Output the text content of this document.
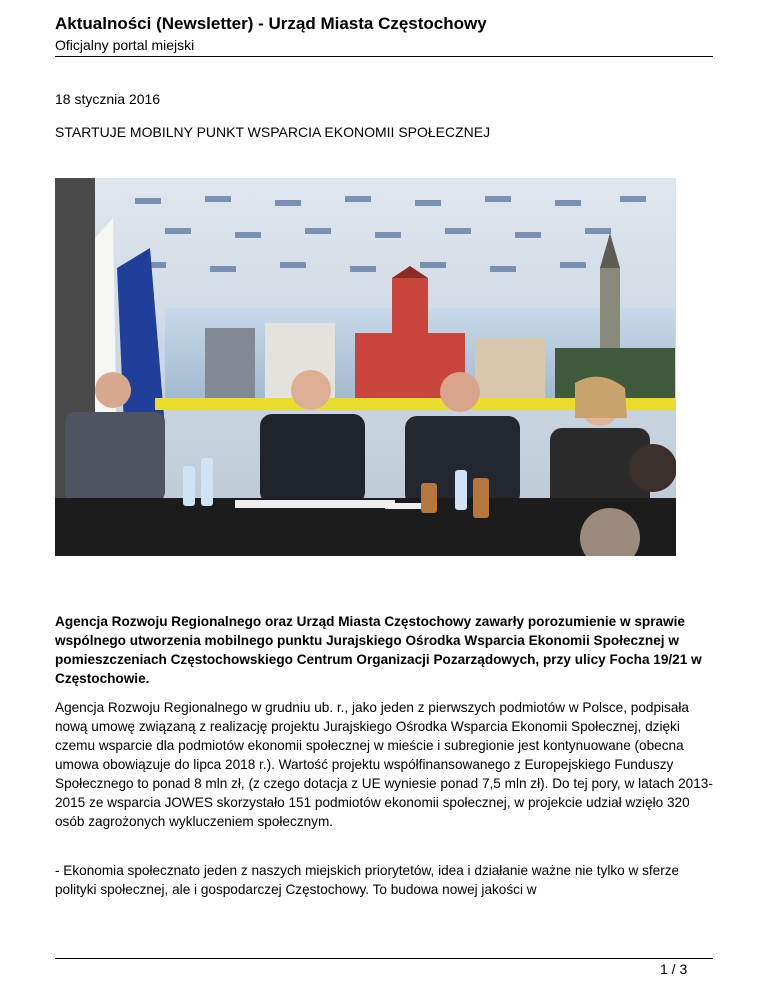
Aktualności (Newsletter) - Urząd Miasta Częstochowy

Oficjalny portal miejski

18 stycznia 2016
STARTUJE MOBILNY PUNKT WSPARCIA EKONOMII SPOŁECZNEJ

Agencja Rozwoju Regionalnego oraz Urząd Miasta Częstochowy zawarły porozumienie w sprawie wspólnego utworzenia mobilnego punktu Jurajskiego Ośrodka Wsparcia Ekonomii Społecznej w pomieszczeniach Częstochowskiego Centrum Organizacji Pozarządowych, przy ulicy Focha 19/21 w Częstochowie.

Agencja Rozwoju Regionalnego w grudniu ub. r., jako jeden z pierwszych podmiotów w Polsce, podpisała nową umowę związaną z realizację projektu Jurajskiego Ośrodka Wsparcia Ekonomii Społecznej, dzięki czemu wsparcie dla podmiotów ekonomii społecznej w mieście i subregionie jest kontynuowane (obecna umowa obowiązuje do lipca 2018 r.). Wartość projektu współfinansowanego z Europejskiego Funduszy Społecznego to ponad 8 mln zł, (z czego dotacja z UE wyniesie ponad 7,5 mln zł). Do tej pory, w latach 2013-2015 ze wsparcia JOWES skorzystało 151 podmiotów ekonomii społecznej, w projekcie udział wzięło 320 osób zagrożonych wykluczeniem społecznym.

- Ekonomia społecznato jeden z naszych miejskich priorytetów, idea i działanie ważne nie tylko w sferze polityki społecznej, ale i gospodarczej Częstochowy. To budowa nowej jakości w

1 / 3
